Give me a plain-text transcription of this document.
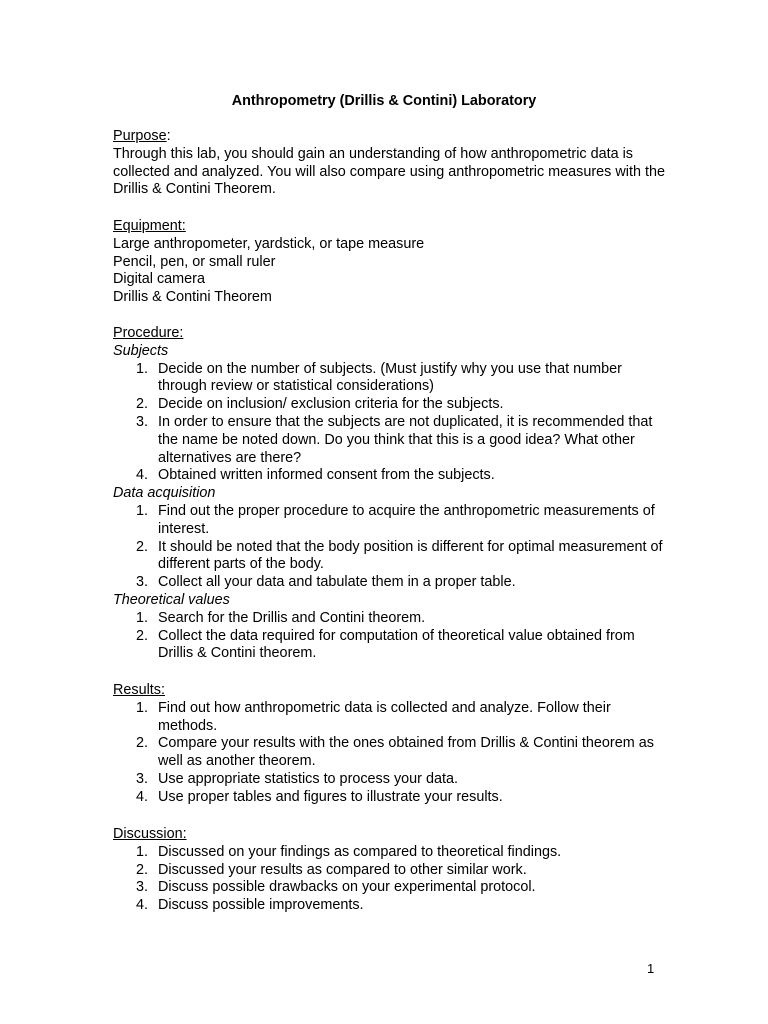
Anthropometry (Drillis & Contini) Laboratory
Purpose:
Through this lab, you should gain an understanding of how anthropometric data is collected and analyzed. You will also compare using anthropometric measures with the Drillis & Contini Theorem.
Equipment:
Large anthropometer, yardstick, or tape measure
Pencil, pen, or small ruler
Digital camera
Drillis & Contini Theorem
Procedure:
Subjects
1. Decide on the number of subjects. (Must justify why you use that number through review or statistical considerations)
2. Decide on inclusion/ exclusion criteria for the subjects.
3. In order to ensure that the subjects are not duplicated, it is recommended that the name be noted down. Do you think that this is a good idea? What other alternatives are there?
4. Obtained written informed consent from the subjects.
Data acquisition
1. Find out the proper procedure to acquire the anthropometric measurements of interest.
2. It should be noted that the body position is different for optimal measurement of different parts of the body.
3. Collect all your data and tabulate them in a proper table.
Theoretical values
1. Search for the Drillis and Contini theorem.
2. Collect the data required for computation of theoretical value obtained from Drillis & Contini theorem.
Results:
1. Find out how anthropometric data is collected and analyze. Follow their methods.
2. Compare your results with the ones obtained from Drillis & Contini theorem as well as another theorem.
3. Use appropriate statistics to process your data.
4. Use proper tables and figures to illustrate your results.
Discussion:
1. Discussed on your findings as compared to theoretical findings.
2. Discussed your results as compared to other similar work.
3. Discuss possible drawbacks on your experimental protocol.
4. Discuss possible improvements.
1
